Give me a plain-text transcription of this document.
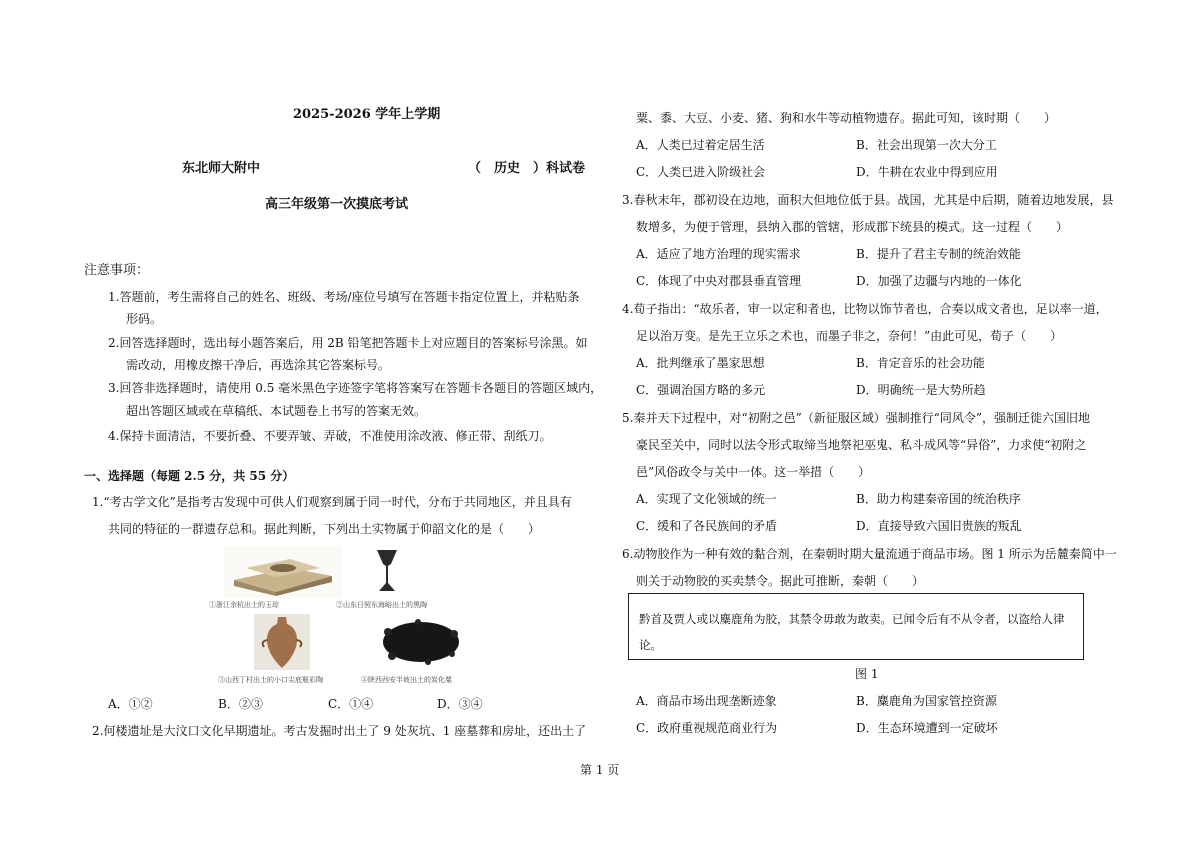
2025-2026 学年上学期
东北师大附中	（　历史　）科试卷
高三年级第一次摸底考试
注意事项：
1.答题前，考生需将自己的姓名、班级、考场/座位号填写在答题卡指定位置上，并粘贴条
形码。
2.回答选择题时，选出每小题答案后，用 2B 铅笔把答题卡上对应题目的答案标号涂黑。如
需改动，用橡皮擦干净后，再选涂其它答案标号。
3.回答非选择题时，请使用 0.5 毫米黑色字迹签字笔将答案写在答题卡各题目的答题区域内，
超出答题区域或在草稿纸、本试题卷上书写的答案无效。
4.保持卡面清洁，不要折叠、不要弄皱、弄破，不准使用涂改液、修正带、刮纸刀。
一、选择题（每题 2.5 分，共 55 分）
1.“考古学文化”是指考古发现中可供人们观察到属于同一时代，分布于共同地区，并且具有
共同的特征的一群遗存总和。据此判断，下列出土实物属于仰韶文化的是（　　）
①浙江余杭出土的玉琮	②山东日照东海峪出土的黑陶
③山西丁村出土的小口尖底瓶彩陶	④陕西西安半坡出土的炭化粟
A．①②	B．②③	C．①④	D．③④
2.何楼遗址是大汶口文化早期遗址。考古发掘时出土了 9 处灰坑、1 座墓葬和房址，还出土了
粟、黍、大豆、小麦、猪、狗和水牛等动植物遗存。据此可知，该时期（　　）
A．人类已过着定居生活	B．社会出现第一次大分工
C．人类已进入阶级社会	D．牛耕在农业中得到应用
3.春秋末年，郡初设在边地，面积大但地位低于县。战国，尤其是中后期，随着边地发展，县
数增多，为便于管理，县纳入郡的管辖，形成郡下统县的模式。这一过程（　　）
A．适应了地方治理的现实需求	B．提升了君主专制的统治效能
C．体现了中央对郡县垂直管理	D．加强了边疆与内地的一体化
4.荀子指出：“故乐者，审一以定和者也，比物以饰节者也，合奏以成文者也，足以率一道，
足以治万变。是先王立乐之术也，而墨子非之，奈何！”由此可见，荀子（　　）
A．批判继承了墨家思想	B．肯定音乐的社会功能
C．强调治国方略的多元	D．明确统一是大势所趋
5.秦并天下过程中，对“初附之邑”（新征服区域）强制推行“同风令”，强制迁徙六国旧地
豪民至关中，同时以法令形式取缔当地祭祀巫鬼、私斗成风等“异俗”，力求使“初附之
邑”风俗政令与关中一体。这一举措（　　）
A．实现了文化领域的统一	B．助力构建秦帝国的统治秩序
C．缓和了各民族间的矛盾	D．直接导致六国旧贵族的叛乱
6.动物胶作为一种有效的黏合剂，在秦朝时期大量流通于商品市场。图 1 所示为岳麓秦简中一
则关于动物胶的买卖禁令。据此可推断，秦朝（　　）
黔首及贾人或以麋鹿角为胶，其禁令毋敢为敢卖。已闻令后有不从令者，以盗给人律论。
图 1
A．商品市场出现垄断迹象	B．麋鹿角为国家管控资源
C．政府重视规范商业行为	D．生态环境遭到一定破坏
第 1 页
